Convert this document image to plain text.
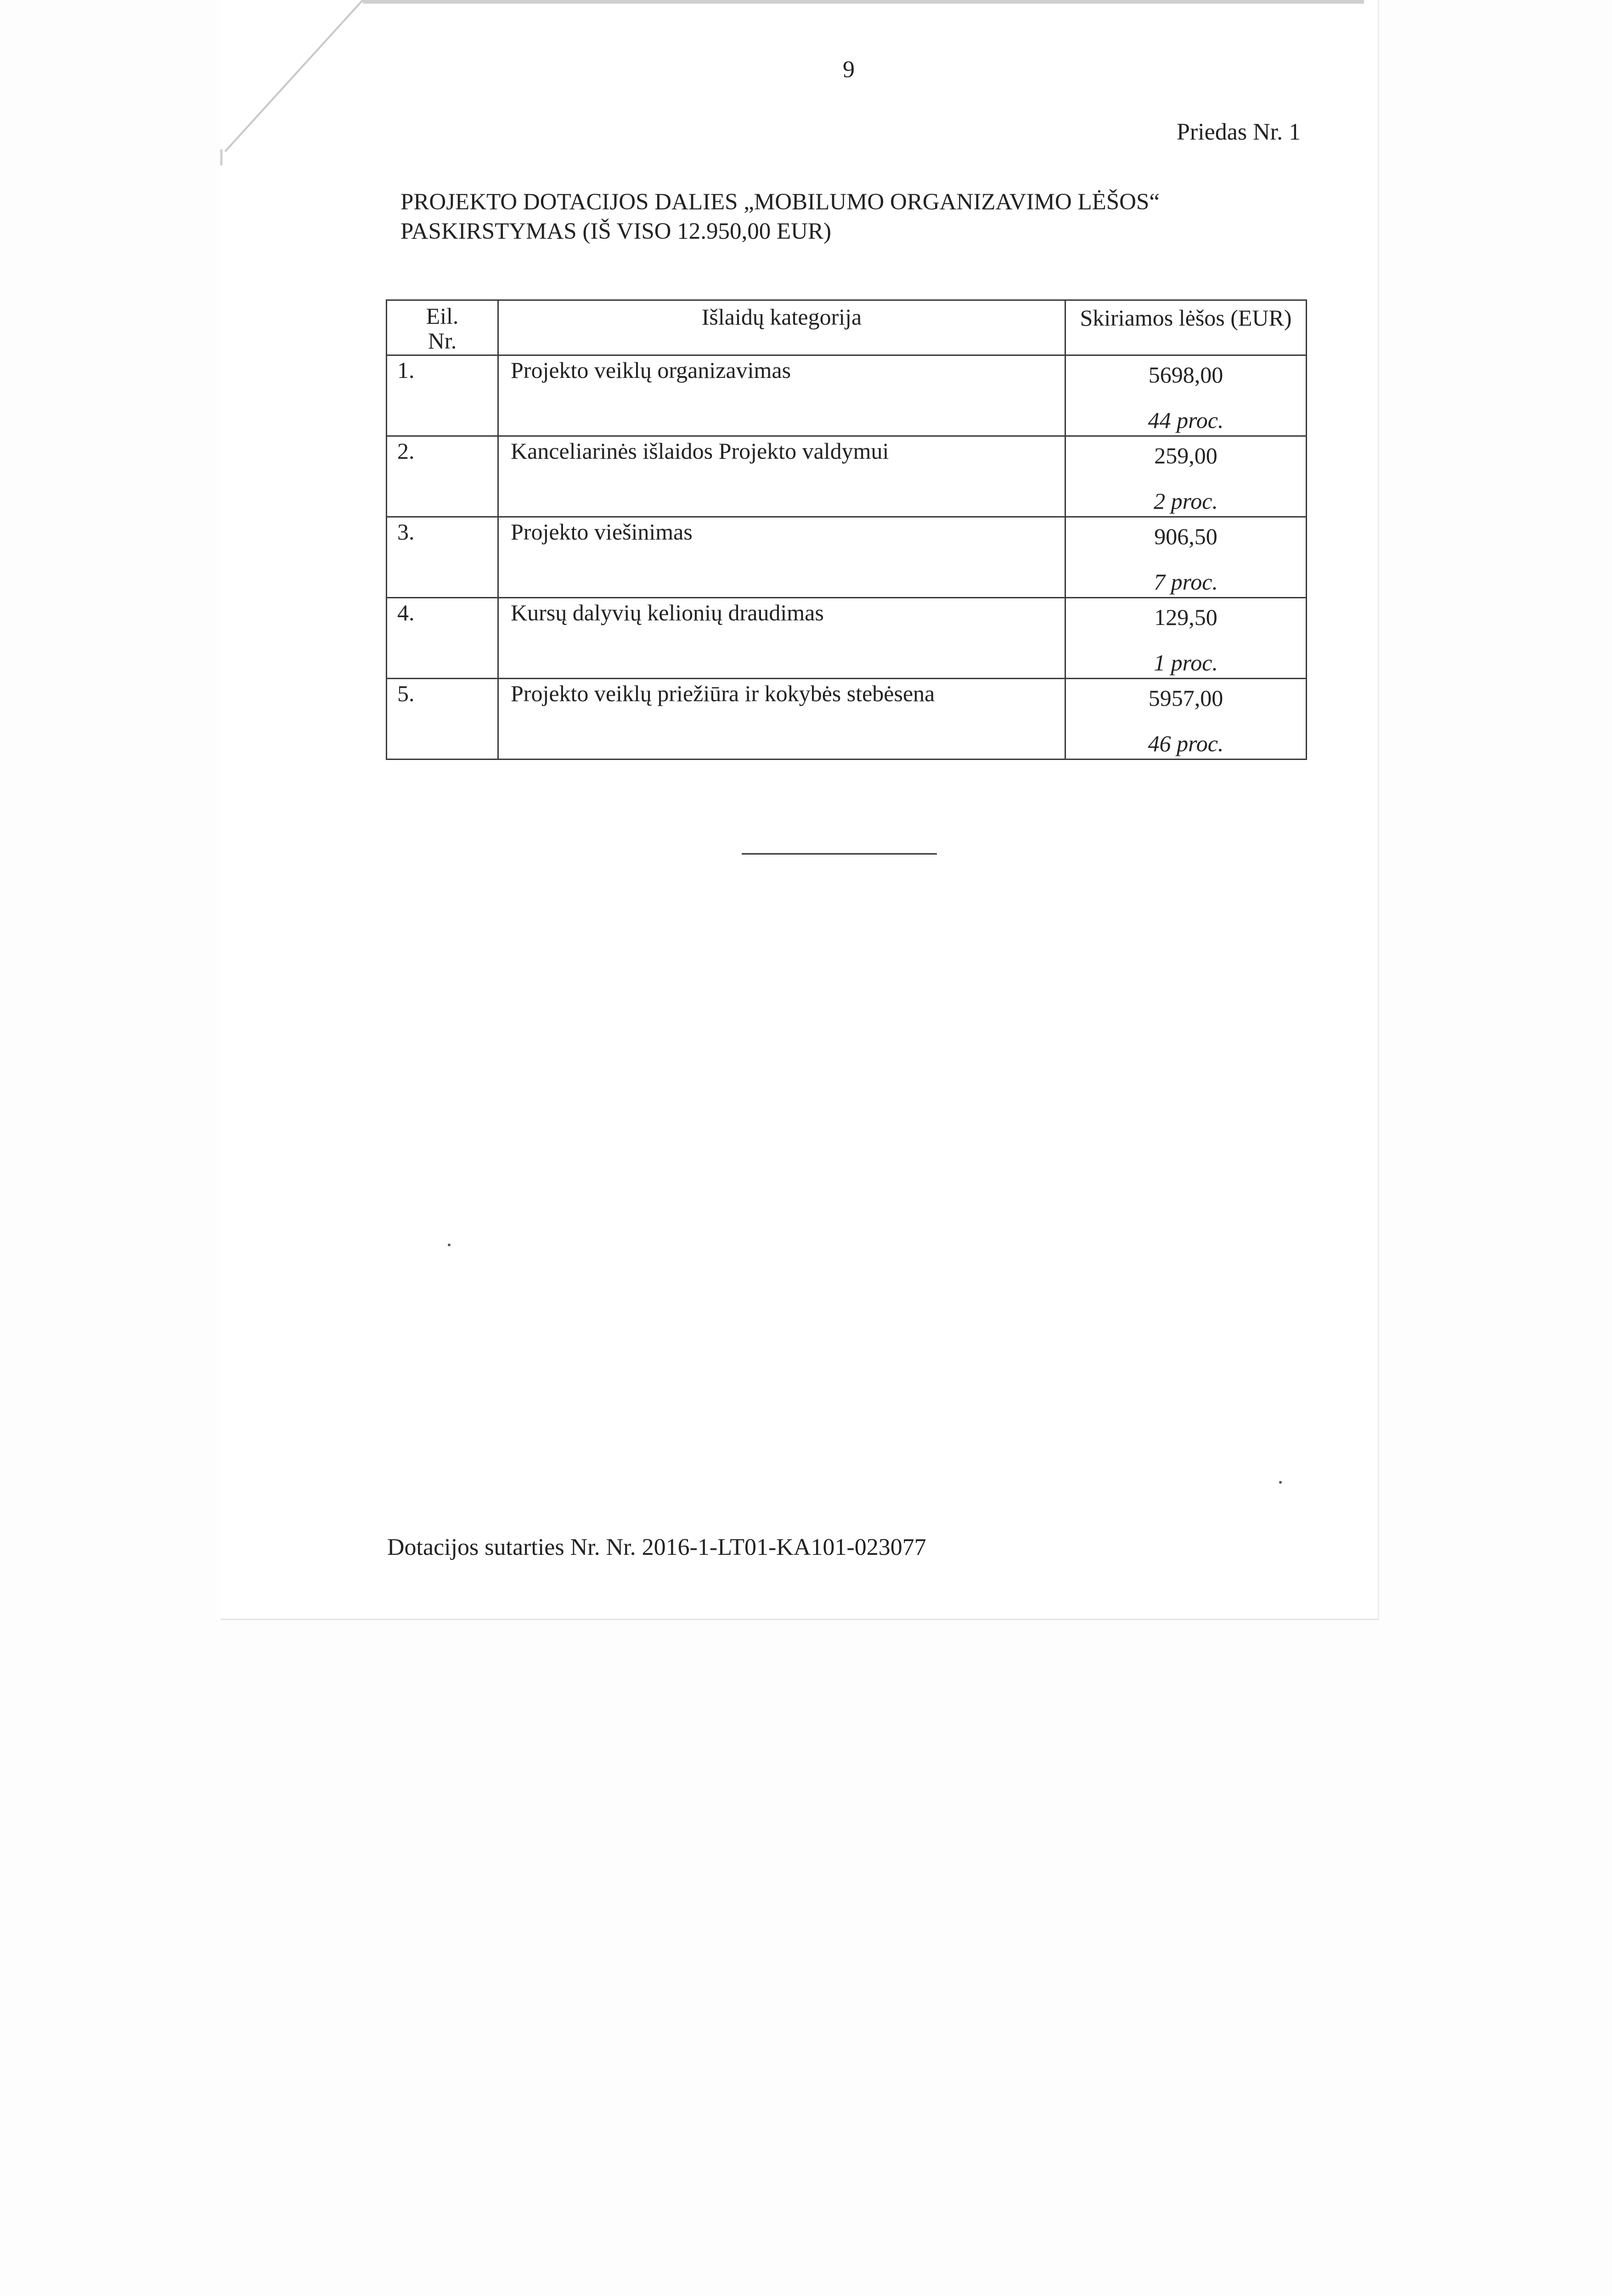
9
Priedas Nr. 1
PROJEKTO DOTACIJOS DALIES „MOBILUMO ORGANIZAVIMO LĖŠOS“
PASKIRSTYMAS (IŠ VISO 12.950,00 EUR)
Eil.
Nr.	Išlaidų kategorija	Skiriamos lėšos (EUR)
1.	Projekto veiklų organizavimas	5698,00
44 proc.

2.	Kanceliarinės išlaidos Projekto valdymui	259,00
2 proc.

3.	Projekto viešinimas	906,50
7 proc.

4.	Kursų dalyvių kelionių draudimas	129,50
1 proc.

5.	Projekto veiklų priežiūra ir kokybės stebėsena	5957,00
46 proc.
Dotacijos sutarties Nr. Nr. 2016-1-LT01-KA101-023077
